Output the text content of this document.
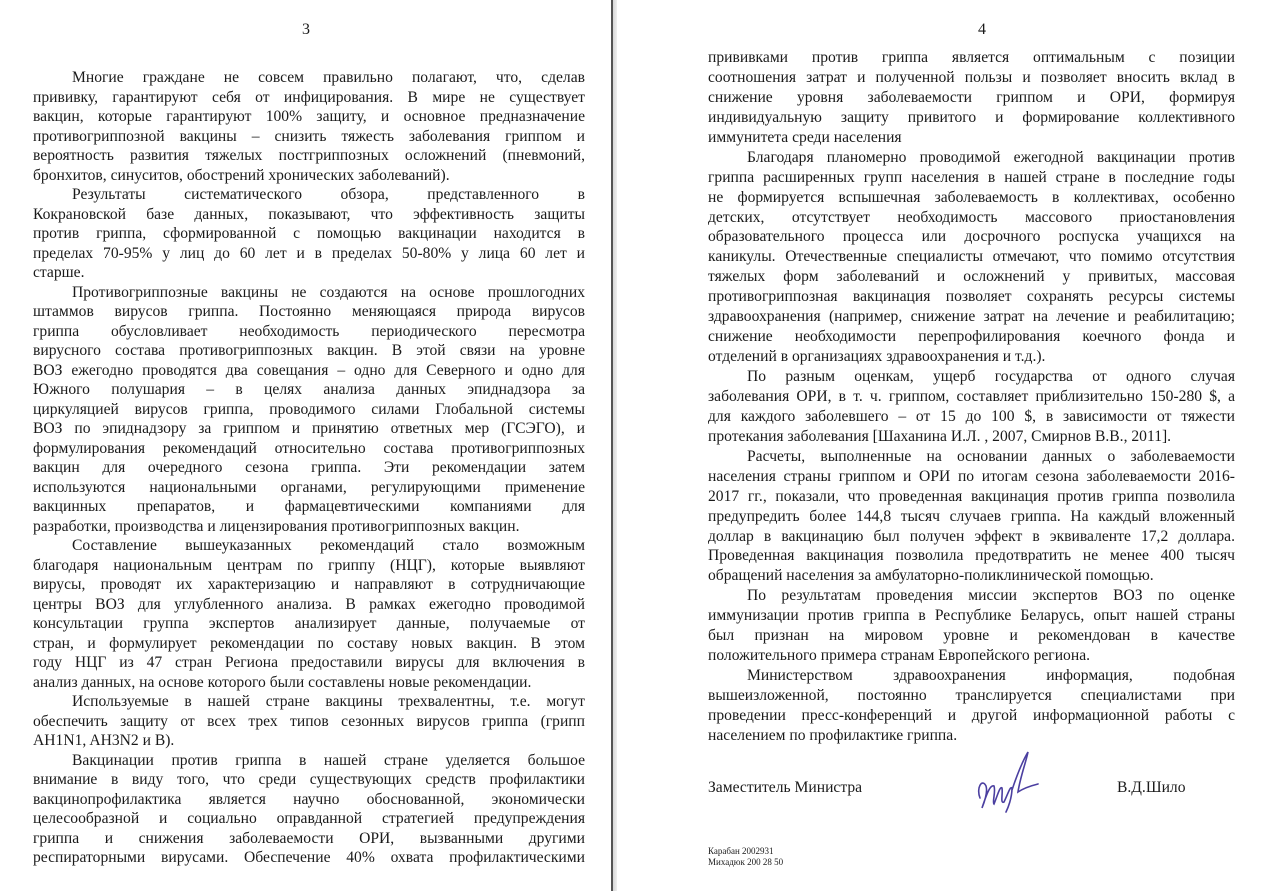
3
Многие граждане не совсем правильно полагают, что, сделав
прививку, гарантируют себя от инфицирования. В мире не существует
вакцин, которые гарантируют 100% защиту, и основное предназначение
противогриппозной вакцины – снизить тяжесть заболевания гриппом и
вероятность развития тяжелых постгриппозных осложнений (пневмоний,
бронхитов, синуситов, обострений хронических заболеваний).
Результаты систематического обзора, представленного в
Кокрановской базе данных, показывают, что эффективность защиты
против гриппа, сформированной с помощью вакцинации находится в
пределах 70-95% у лиц до 60 лет и в пределах 50-80% у лица 60 лет и
старше.
Противогриппозные вакцины не создаются на основе прошлогодних
штаммов вирусов гриппа. Постоянно меняющаяся природа вирусов
гриппа обусловливает необходимость периодического пересмотра
вирусного состава противогриппозных вакцин. В этой связи на уровне
ВОЗ ежегодно проводятся два совещания – одно для Северного и одно для
Южного полушария – в целях анализа данных эпиднадзора за
циркуляцией вирусов гриппа, проводимого силами Глобальной системы
ВОЗ по эпиднадзору за гриппом и принятию ответных мер (ГСЭГО), и
формулирования рекомендаций относительно состава противогриппозных
вакцин для очередного сезона гриппа. Эти рекомендации затем
используются национальными органами, регулирующими применение
вакцинных препаратов, и фармацевтическими компаниями для
разработки, производства и лицензирования противогриппозных вакцин.
Составление вышеуказанных рекомендаций стало возможным
благодаря национальным центрам по гриппу (НЦГ), которые выявляют
вирусы, проводят их характеризацию и направляют в сотрудничающие
центры ВОЗ для углубленного анализа. В рамках ежегодно проводимой
консультации группа экспертов анализирует данные, получаемые от
стран, и формулирует рекомендации по составу новых вакцин. В этом
году НЦГ из 47 стран Региона предоставили вирусы для включения в
анализ данных, на основе которого были составлены новые рекомендации.
Используемые в нашей стране вакцины трехвалентны, т.е. могут
обеспечить защиту от всех трех типов сезонных вирусов гриппа (грипп
AH1N1, AH3N2 и B).
Вакцинации против гриппа в нашей стране уделяется большое
внимание в виду того, что среди существующих средств профилактики
вакцинопрофилактика является научно обоснованной, экономически
целесообразной и социально оправданной стратегией предупреждения
гриппа и снижения заболеваемости ОРИ, вызванными другими
респираторными вирусами. Обеспечение 40% охвата профилактическими
4
прививками против гриппа является оптимальным с позиции
соотношения затрат и полученной пользы и позволяет вносить вклад в
снижение уровня заболеваемости гриппом и ОРИ, формируя
индивидуальную защиту привитого и формирование коллективного
иммунитета среди населения
Благодаря планомерно проводимой ежегодной вакцинации против
гриппа расширенных групп населения в нашей стране в последние годы
не формируется вспышечная заболеваемость в коллективах, особенно
детских, отсутствует необходимость массового приостановления
образовательного процесса или досрочного роспуска учащихся на
каникулы. Отечественные специалисты отмечают, что помимо отсутствия
тяжелых форм заболеваний и осложнений у привитых, массовая
противогриппозная вакцинация позволяет сохранять ресурсы системы
здравоохранения (например, снижение затрат на лечение и реабилитацию;
снижение необходимости перепрофилирования коечного фонда и
отделений в организациях здравоохранения и т.д.).
По разным оценкам, ущерб государства от одного случая
заболевания ОРИ, в т. ч. гриппом, составляет приблизительно 150-280 $, а
для каждого заболевшего – от 15 до 100 $, в зависимости от тяжести
протекания заболевания [Шаханина И.Л. , 2007, Смирнов В.В., 2011].
Расчеты, выполненные на основании данных о заболеваемости
населения страны гриппом и ОРИ по итогам сезона заболеваемости 2016-
2017 гг., показали, что проведенная вакцинация против гриппа позволила
предупредить более 144,8 тысяч случаев гриппа. На каждый вложенный
доллар в вакцинацию был получен эффект в эквиваленте 17,2 доллара.
Проведенная вакцинация позволила предотвратить не менее 400 тысяч
обращений населения за амбулаторно-поликлинической помощью.
По результатам проведения миссии экспертов ВОЗ по оценке
иммунизации против гриппа в Республике Беларусь, опыт нашей страны
был признан на мировом уровне и рекомендован в качестве
положительного примера странам Европейского региона.
Министерством здравоохранения информация, подобная
вышеизложенной, постоянно транслируется специалистами при
проведении пресс-конференций и другой информационной работы с
населением по профилактике гриппа.
Заместитель Министра	В.Д.Шило
Карабан 2002931
Михадюк 200 28 50
